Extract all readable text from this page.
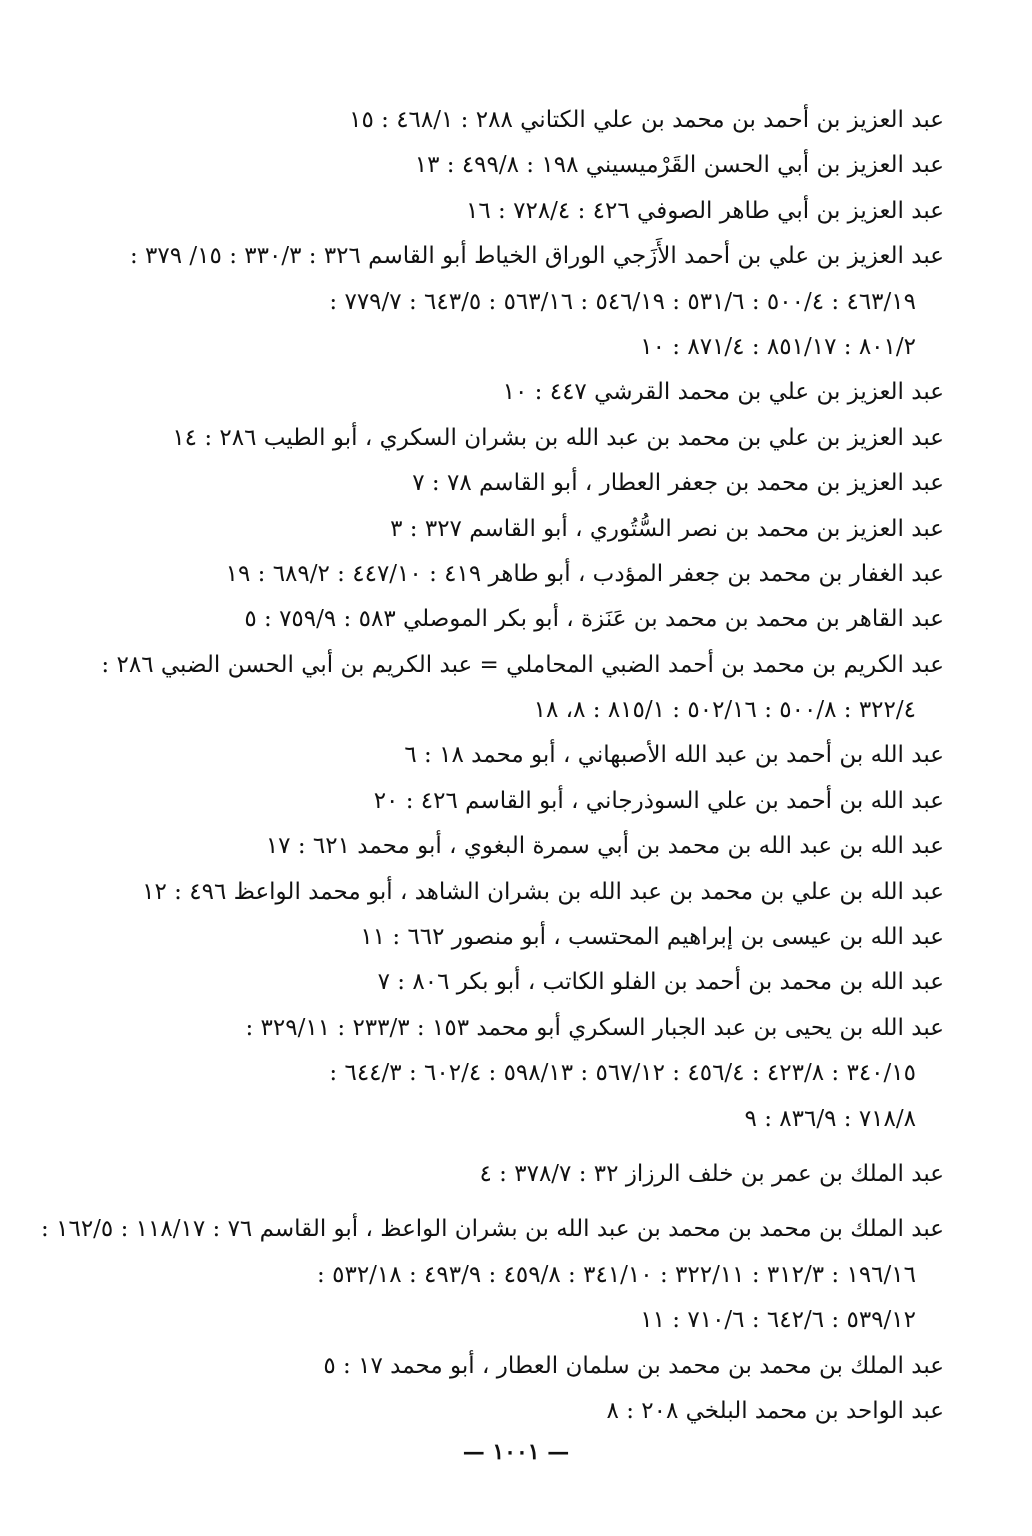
عبد العزيز بن أحمد بن محمد بن علي الكتاني ٢٨٨ : ٤٦٨/١ : ١٥
عبد العزيز بن أبي الحسن القَرْميسيني ١٩٨ : ٤٩٩/٨ : ١٣
عبد العزيز بن أبي طاهر الصوفي ٤٢٦ : ٧٢٨/٤ : ١٦
عبد العزيز بن علي بن أحمد الأَزَجي الوراق الخياط أبو القاسم ٣٢٦ : ٣٣٠/٣ : ١٥/ ٣٧٩ :
٤٦٣/١٩ : ٥٠٠/٤ : ٥٣١/٦ : ٥٤٦/١٩ : ٥٦٣/١٦ : ٦٤٣/٥ : ٧٧٩/٧ :
٨٠١/٢ : ٨٥١/١٧ : ٨٧١/٤ : ١٠
عبد العزيز بن علي بن محمد القرشي ٤٤٧ : ١٠
عبد العزيز بن علي بن محمد بن عبد الله بن بشران السكري ، أبو الطيب ٢٨٦ : ١٤
عبد العزيز بن محمد بن جعفر العطار ، أبو القاسم ٧٨ : ٧
عبد العزيز بن محمد بن نصر السُّتُوري ، أبو القاسم ٣٢٧ : ٣
عبد الغفار بن محمد بن جعفر المؤدب ، أبو طاهر ٤١٩ : ٤٤٧/١٠ : ٦٨٩/٢ : ١٩
عبد القاهر بن محمد بن محمد بن عَنَزة ، أبو بكر الموصلي ٥٨٣ : ٧٥٩/٩ : ٥
عبد الكريم بن محمد بن أحمد الضبي المحاملي = عبد الكريم بن أبي الحسن الضبي ٢٨٦ :
٣٢٢/٤ : ٥٠٠/٨ : ٥٠٢/١٦ : ٨١٥/١ : ٨، ١٨
عبد الله بن أحمد بن عبد الله الأصبهاني ، أبو محمد ١٨ : ٦
عبد الله بن أحمد بن علي السوذرجاني ، أبو القاسم ٤٢٦ : ٢٠
عبد الله بن عبد الله بن محمد بن أبي سمرة البغوي ، أبو محمد ٦٢١ : ١٧
عبد الله بن علي بن محمد بن عبد الله بن بشران الشاهد ، أبو محمد الواعظ ٤٩٦ : ١٢
عبد الله بن عيسى بن إبراهيم المحتسب ، أبو منصور ٦٦٢ : ١١
عبد الله بن محمد بن أحمد بن الفلو الكاتب ، أبو بكر ٨٠٦ : ٧
عبد الله بن يحيى بن عبد الجبار السكري أبو محمد ١٥٣ : ٢٣٣/٣ : ٣٢٩/١١ :
٣٤٠/١٥ : ٤٢٣/٨ : ٤٥٦/٤ : ٥٦٧/١٢ : ٥٩٨/١٣ : ٦٠٢/٤ : ٦٤٤/٣ :
٧١٨/٨ : ٨٣٦/٩ : ٩
عبد الملك بن عمر بن خلف الرزاز ٣٢ : ٣٧٨/٧ : ٤
عبد الملك بن محمد بن محمد بن عبد الله بن بشران الواعظ ، أبو القاسم ٧٦ : ١١٨/١٧ : ١٦٢/٥ :
١٩٦/١٦ : ٣١٢/٣ : ٣٢٢/١١ : ٣٤١/١٠ : ٤٥٩/٨ : ٤٩٣/٩ : ٥٣٢/١٨ :
٥٣٩/١٢ : ٦٤٢/٦ : ٧١٠/٦ : ١١
عبد الملك بن محمد بن محمد بن سلمان العطار ، أبو محمد ١٧ : ٥
عبد الواحد بن محمد البلخي ٢٠٨ : ٨
— ١٠٠١ —
